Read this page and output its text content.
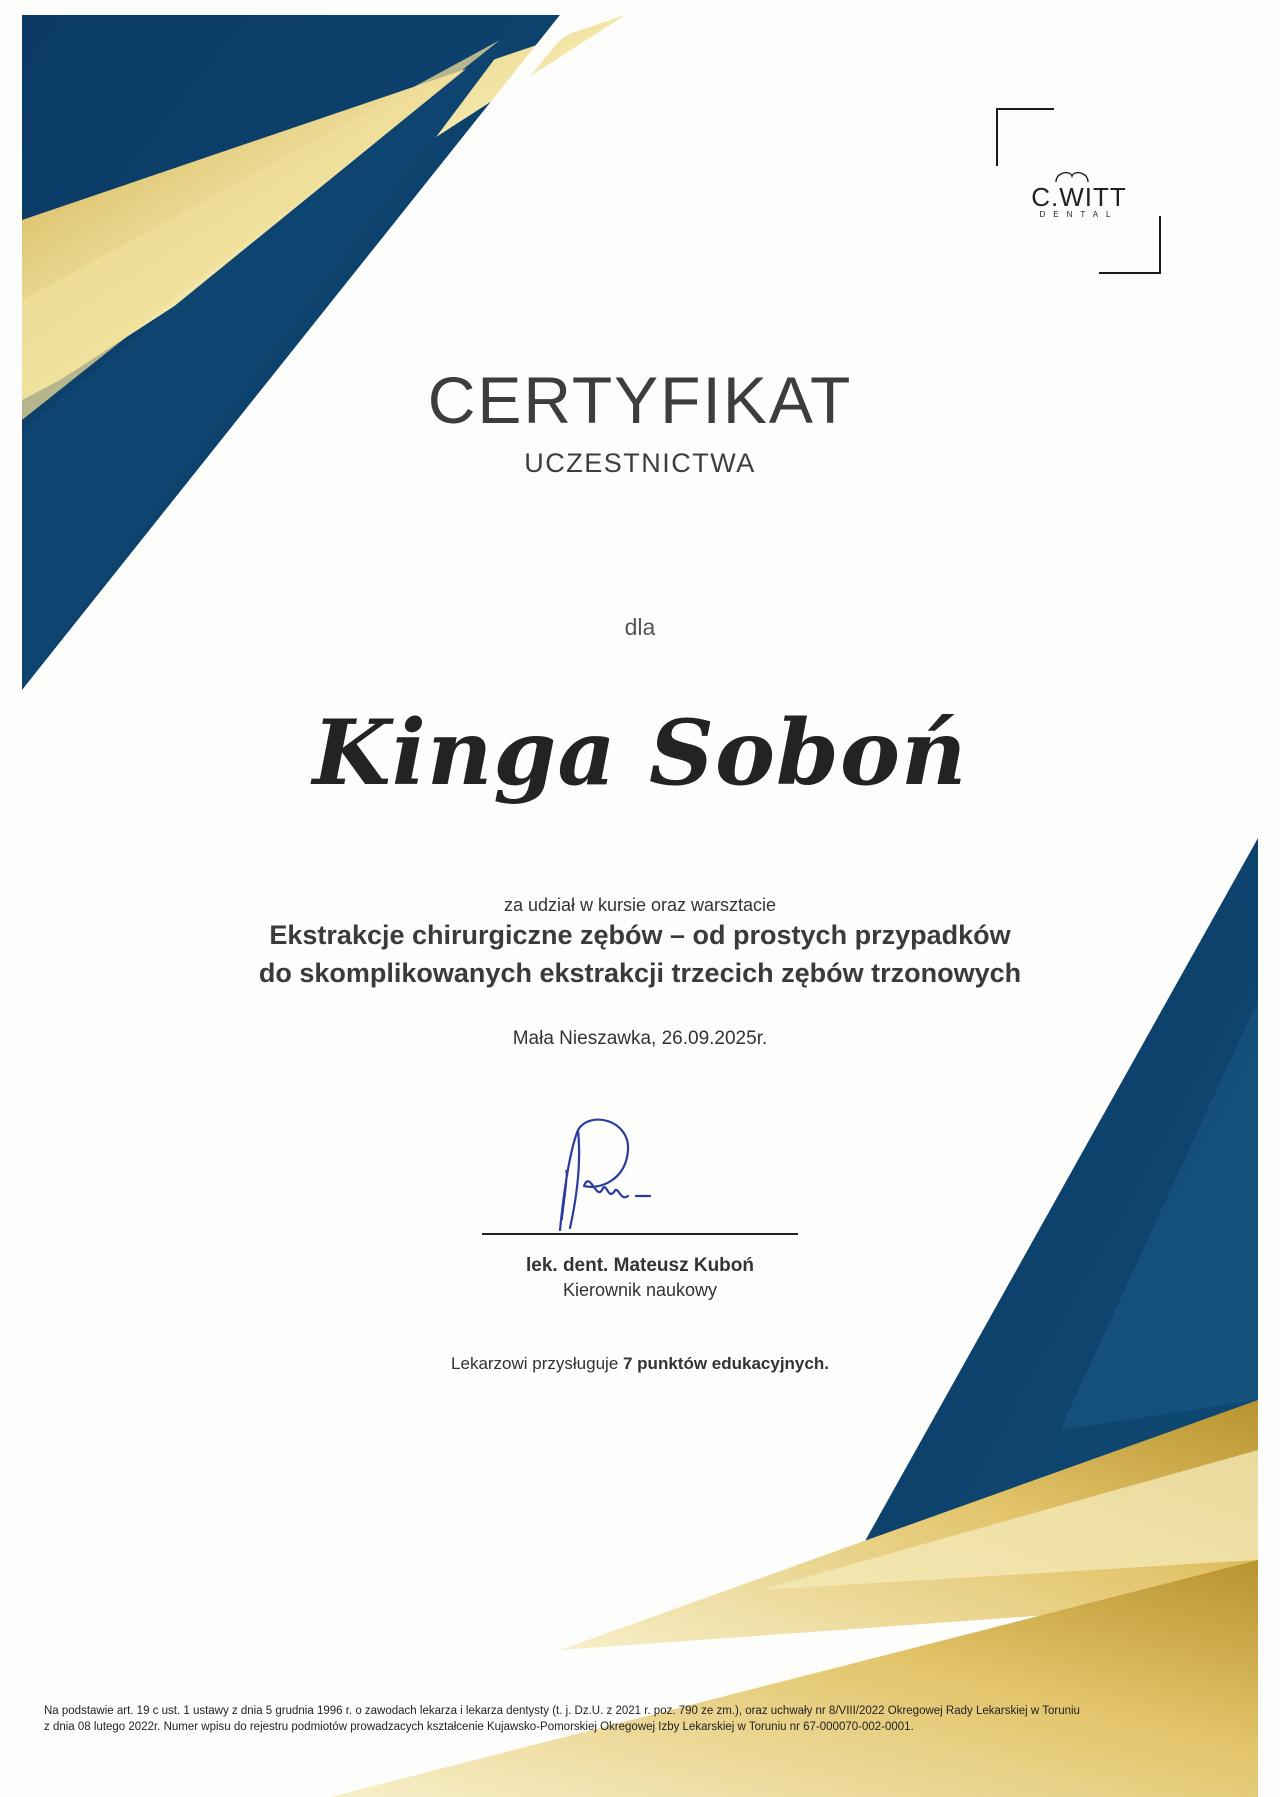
C.WITT
DENTAL
CERTYFIKAT
UCZESTNICTWA
dla
Kinga Soboń
za udział w kursie oraz warsztacie
Ekstrakcje chirurgiczne zębów – od prostych przypadków
do skomplikowanych ekstrakcji trzecich zębów trzonowych
Mała Nieszawka, 26.09.2025r.
lek. dent. Mateusz Kuboń
Kierownik naukowy
Lekarzowi przysługuje 7 punktów edukacyjnych.
Na podstawie art. 19 c ust. 1 ustawy z dnia 5 grudnia 1996 r. o zawodach lekarza i lekarza dentysty (t. j. Dz.U. z 2021 r. poz. 790 ze zm.), oraz uchwały nr 8/VIII/2022 Okregowej Rady Lekarskiej w Toruniu
z dnia 08 lutego 2022r. Numer wpisu do rejestru podmiotów prowadzacych kształcenie Kujawsko-Pomorskiej Okregowej Izby Lekarskiej w Toruniu nr 67-000070-002-0001.
